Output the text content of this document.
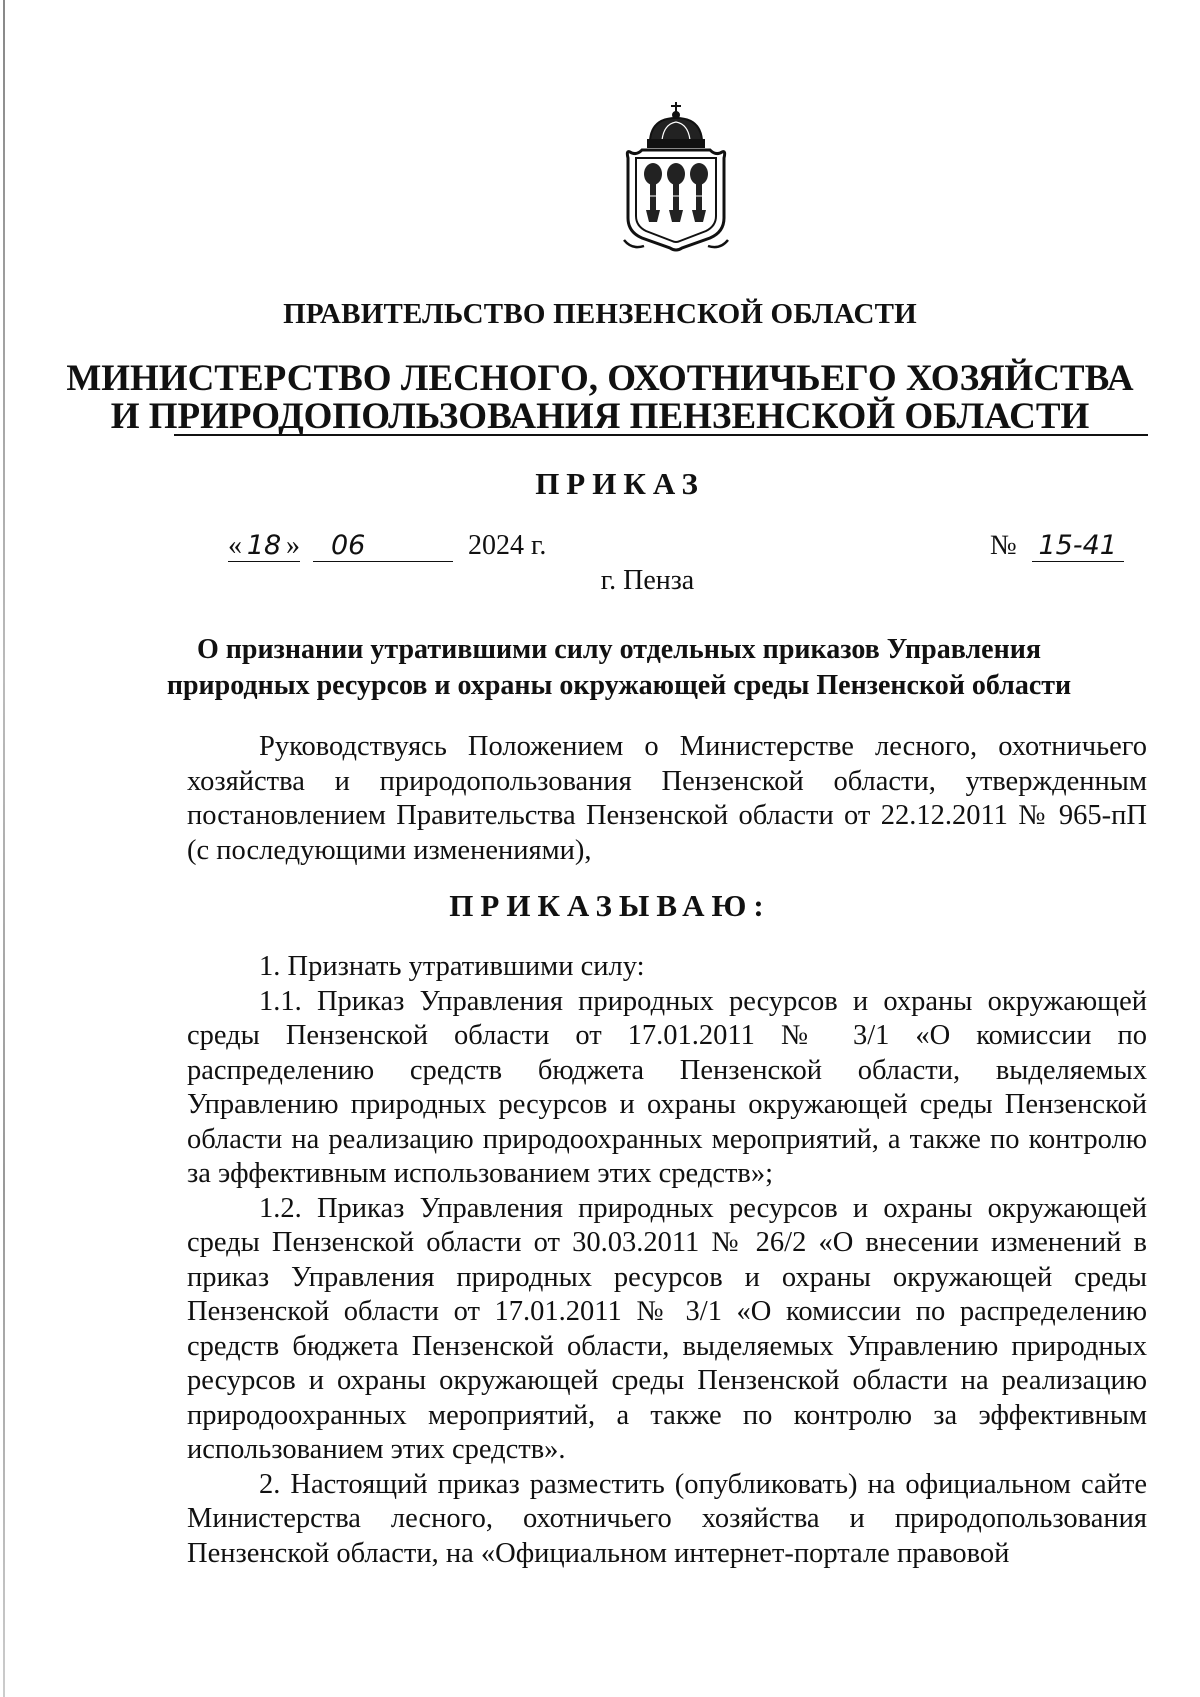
ПРАВИТЕЛЬСТВО ПЕНЗЕНСКОЙ ОБЛАСТИ
МИНИСТЕРСТВО ЛЕСНОГО, ОХОТНИЧЬЕГО ХОЗЯЙСТВА
И ПРИРОДОПОЛЬЗОВАНИЯ ПЕНЗЕНСКОЙ ОБЛАСТИ
ПРИКАЗ
« 18 » 06	2024 г.	№ 15-41
г. Пенза
О признании утратившими силу отдельных приказов Управления
природных ресурсов и охраны окружающей среды Пензенской области

Руководствуясь Положением о Министерстве лесного, охотничьего хозяйства и природопользования Пензенской области, утвержденным постановлением Правительства Пензенской области от 22.12.2011 № 965-пП (с последующими изменениями),

ПРИКАЗЫВАЮ:

1. Признать утратившими силу:

1.1. Приказ Управления природных ресурсов и охраны окружающей среды Пензенской области от 17.01.2011 № 3/1 «О комиссии по распределению средств бюджета Пензенской области, выделяемых Управлению природных ресурсов и охраны окружающей среды Пензенской области на реализацию природоохранных мероприятий, а также по контролю за эффективным использованием этих средств»;

1.2. Приказ Управления природных ресурсов и охраны окружающей среды Пензенской области от 30.03.2011 № 26/2 «О внесении изменений в приказ Управления природных ресурсов и охраны окружающей среды Пензенской области от 17.01.2011 № 3/1 «О комиссии по распределению средств бюджета Пензенской области, выделяемых Управлению природных ресурсов и охраны окружающей среды Пензенской области на реализацию природоохранных мероприятий, а также по контролю за эффективным использованием этих средств».

2. Настоящий приказ разместить (опубликовать) на официальном сайте Министерства лесного, охотничьего хозяйства и природопользования Пензенской области, на «Официальном интернет-портале правовой
